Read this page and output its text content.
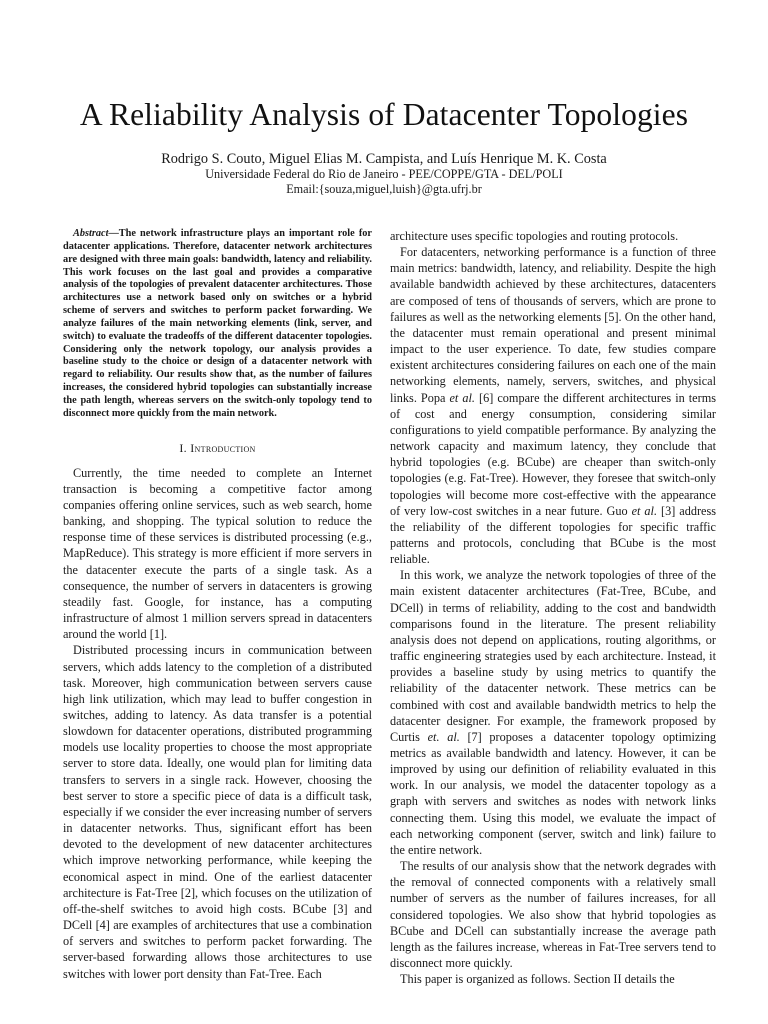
A Reliability Analysis of Datacenter Topologies
Rodrigo S. Couto, Miguel Elias M. Campista, and Luís Henrique M. K. Costa
Universidade Federal do Rio de Janeiro - PEE/COPPE/GTA - DEL/POLI
Email:{souza,miguel,luish}@gta.ufrj.br

Abstract—The network infrastructure plays an important role for datacenter applications. Therefore, datacenter network architectures are designed with three main goals: bandwidth, latency and reliability. This work focuses on the last goal and provides a comparative analysis of the topologies of prevalent datacenter architectures. Those architectures use a network based only on switches or a hybrid scheme of servers and switches to perform packet forwarding. We analyze failures of the main networking elements (link, server, and switch) to evaluate the tradeoffs of the different datacenter topologies. Considering only the network topology, our analysis provides a baseline study to the choice or design of a datacenter network with regard to reliability. Our results show that, as the number of failures increases, the considered hybrid topologies can substantially increase the path length, whereas servers on the switch-only topology tend to disconnect more quickly from the main network.

I. Introduction

Currently, the time needed to complete an Internet transaction is becoming a competitive factor among companies offering online services, such as web search, home banking, and shopping. The typical solution to reduce the response time of these services is distributed processing (e.g., MapReduce). This strategy is more efficient if more servers in the datacenter execute the parts of a single task. As a consequence, the number of servers in datacenters is growing steadily fast. Google, for instance, has a computing infrastructure of almost 1 million servers spread in datacenters around the world [1].

Distributed processing incurs in communication between servers, which adds latency to the completion of a distributed task. Moreover, high communication between servers cause high link utilization, which may lead to buffer congestion in switches, adding to latency. As data transfer is a potential slowdown for datacenter operations, distributed programming models use locality properties to choose the most appropriate server to store data. Ideally, one would plan for limiting data transfers to servers in a single rack. However, choosing the best server to store a specific piece of data is a difficult task, especially if we consider the ever increasing number of servers in datacenter networks. Thus, significant effort has been devoted to the development of new datacenter architectures which improve networking performance, while keeping the economical aspect in mind. One of the earliest datacenter architecture is Fat-Tree [2], which focuses on the utilization of off-the-shelf switches to avoid high costs. BCube [3] and DCell [4] are examples of architectures that use a combination of servers and switches to perform packet forwarding. The server-based forwarding allows those architectures to use switches with lower port density than Fat-Tree. Each

architecture uses specific topologies and routing protocols.

For datacenters, networking performance is a function of three main metrics: bandwidth, latency, and reliability. Despite the high available bandwidth achieved by these architectures, datacenters are composed of tens of thousands of servers, which are prone to failures as well as the networking elements [5]. On the other hand, the datacenter must remain operational and present minimal impact to the user experience. To date, few studies compare existent architectures considering failures on each one of the main networking elements, namely, servers, switches, and physical links. Popa et al. [6] compare the different architectures in terms of cost and energy consumption, considering similar configurations to yield compatible performance. By analyzing the network capacity and maximum latency, they conclude that hybrid topologies (e.g. BCube) are cheaper than switch-only topologies (e.g. Fat-Tree). However, they foresee that switch-only topologies will become more cost-effective with the appearance of very low-cost switches in a near future. Guo et al. [3] address the reliability of the different topologies for specific traffic patterns and protocols, concluding that BCube is the most reliable.

In this work, we analyze the network topologies of three of the main existent datacenter architectures (Fat-Tree, BCube, and DCell) in terms of reliability, adding to the cost and bandwidth comparisons found in the literature. The present reliability analysis does not depend on applications, routing algorithms, or traffic engineering strategies used by each architecture. Instead, it provides a baseline study by using metrics to quantify the reliability of the datacenter network. These metrics can be combined with cost and available bandwidth metrics to help the datacenter designer. For example, the framework proposed by Curtis et. al. [7] proposes a datacenter topology optimizing metrics as available bandwidth and latency. However, it can be improved by using our definition of reliability evaluated in this work. In our analysis, we model the datacenter topology as a graph with servers and switches as nodes with network links connecting them. Using this model, we evaluate the impact of each networking component (server, switch and link) failure to the entire network.

The results of our analysis show that the network degrades with the removal of connected components with a relatively small number of servers as the number of failures increases, for all considered topologies. We also show that hybrid topologies as BCube and DCell can substantially increase the average path length as the failures increase, whereas in Fat-Tree servers tend to disconnect more quickly.

This paper is organized as follows. Section II details the
